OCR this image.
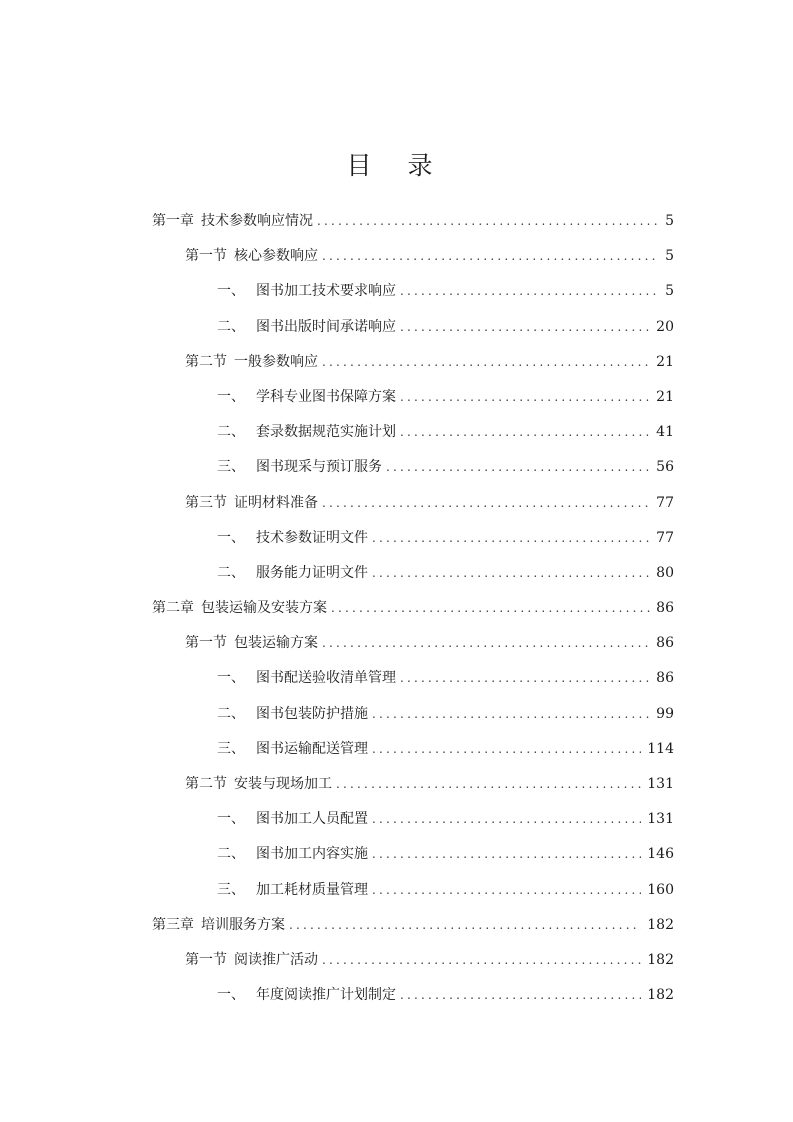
目 录
第一章 技术参数响应情况 .....	5
第一节 核心参数响应 .....	5
一、 图书加工技术要求响应 .....	5
二、 图书出版时间承诺响应 .....	20
第二节 一般参数响应 .....	21
一、 学科专业图书保障方案 .....	21
二、 套录数据规范实施计划 .....	41
三、 图书现采与预订服务 .....	56
第三节 证明材料准备 .....	77
一、 技术参数证明文件 .....	77
二、 服务能力证明文件 .....	80
第二章 包装运输及安装方案 .....	86
第一节 包装运输方案 .....	86
一、 图书配送验收清单管理 .....	86
二、 图书包装防护措施 .....	99
三、 图书运输配送管理 .....	114
第二节 安装与现场加工 .....	131
一、 图书加工人员配置 .....	131
二、 图书加工内容实施 .....	146
三、 加工耗材质量管理 .....	160
第三章 培训服务方案 .....	182
第一节 阅读推广活动 .....	182
一、 年度阅读推广计划制定 .....	182
